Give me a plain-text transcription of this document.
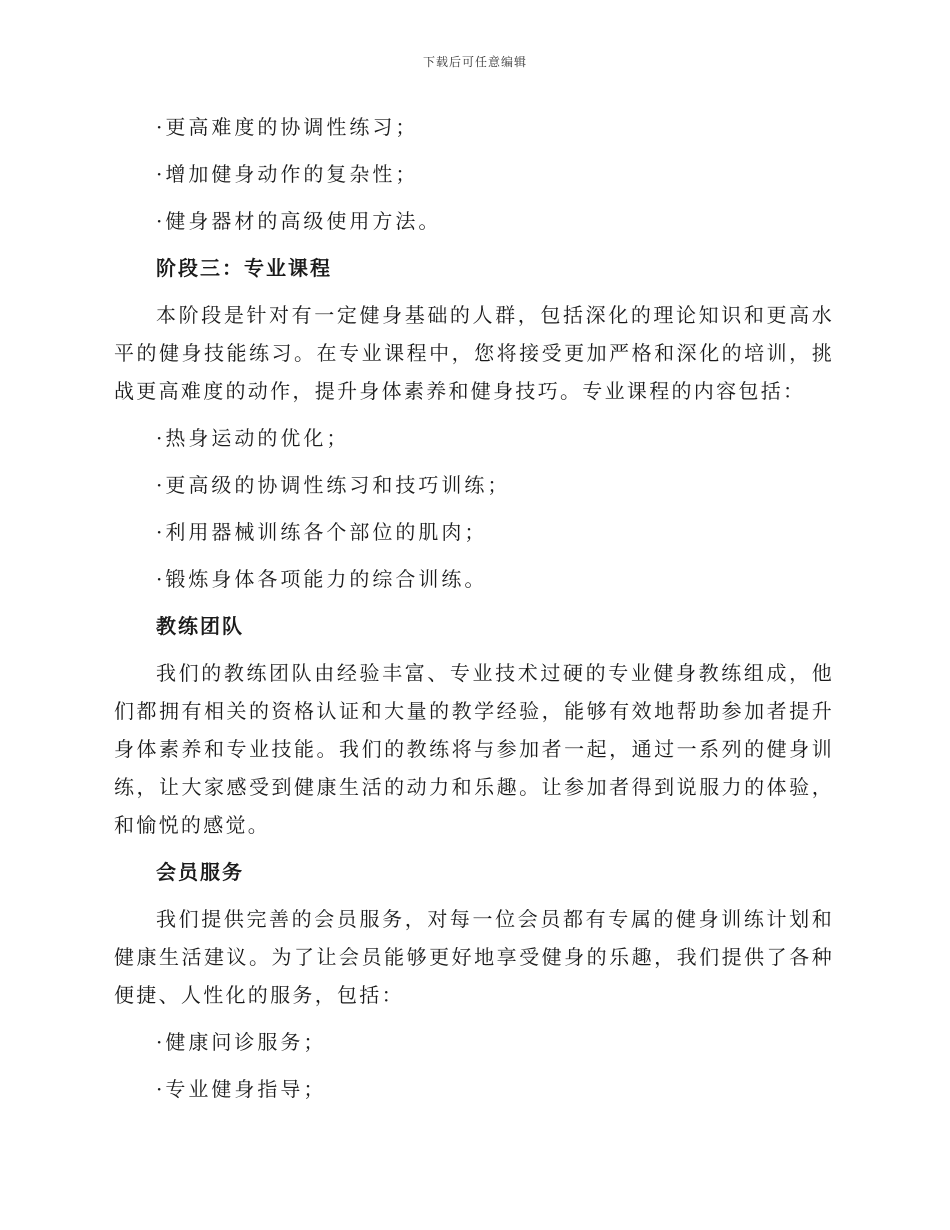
下载后可任意编辑
·更高难度的协调性练习；
·增加健身动作的复杂性；
·健身器材的高级使用方法。
阶段三：专业课程
本阶段是针对有一定健身基础的人群，包括深化的理论知识和更高水平的健身技能练习。在专业课程中，您将接受更加严格和深化的培训，挑战更高难度的动作，提升身体素养和健身技巧。专业课程的内容包括：
·热身运动的优化；
·更高级的协调性练习和技巧训练；
·利用器械训练各个部位的肌肉；
·锻炼身体各项能力的综合训练。
教练团队
我们的教练团队由经验丰富、专业技术过硬的专业健身教练组成，他们都拥有相关的资格认证和大量的教学经验，能够有效地帮助参加者提升身体素养和专业技能。我们的教练将与参加者一起，通过一系列的健身训练，让大家感受到健康生活的动力和乐趣。让参加者得到说服力的体验，和愉悦的感觉。
会员服务
我们提供完善的会员服务，对每一位会员都有专属的健身训练计划和健康生活建议。为了让会员能够更好地享受健身的乐趣，我们提供了各种便捷、人性化的服务，包括：
·健康问诊服务；
·专业健身指导；
